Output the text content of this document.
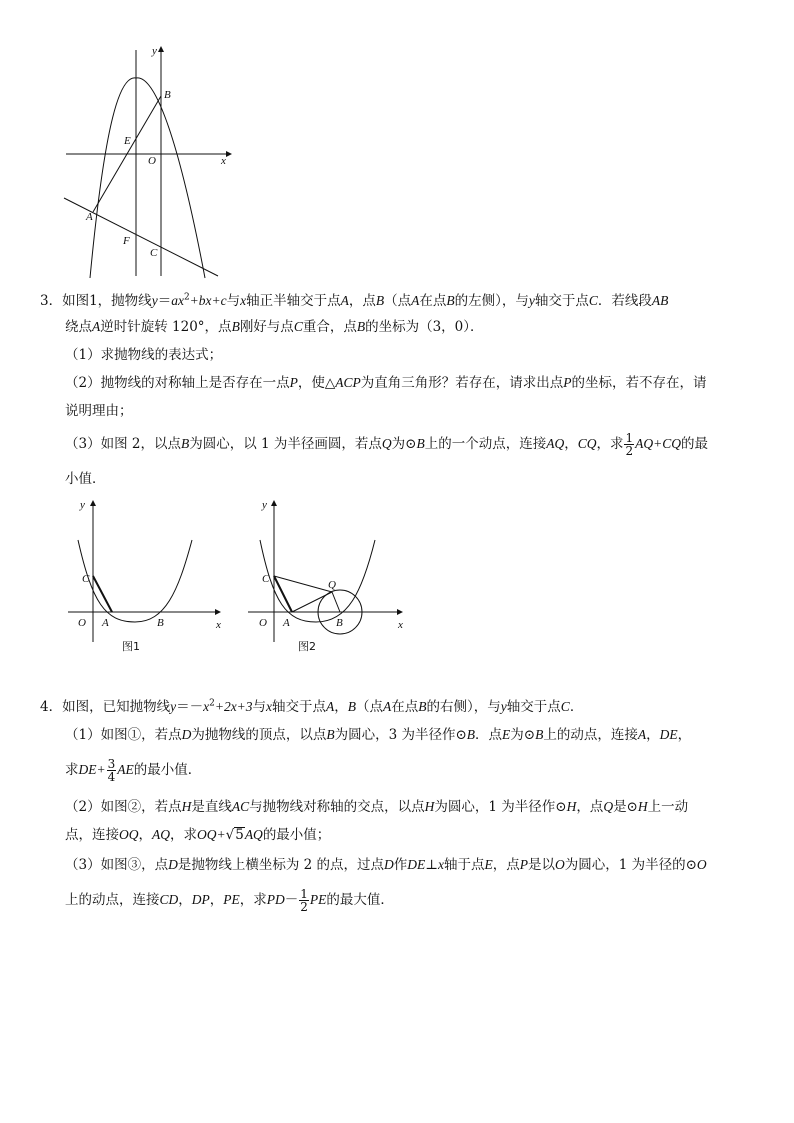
y
x
B
E
O
A
F
C
3．如图1，抛物线$y=ax^2+bx+c$与x轴正半轴交于点A，点B（点A在点B的左侧），与y轴交于点C．若线段AB
绕点A逆时针旋转 120°，点B刚好与点C重合，点B的坐标为（3，0）．
（1）求抛物线的表达式；
（2）抛物线的对称轴上是否存在一点P，使△ACP为直角三角形？若存在，请求出点P的坐标，若不存在，请
说明理由；
（3）如图 2，以点B为圆心，以 1 为半径画圆，若点Q为⊙B上的一个动点，连接AQ，CQ，求 $\frac{1}{2} AQ+CQ$的最
小值．
y
C
O A	B	x
图1
y
C	Q
O A	B	x
图2
4．如图，已知抛物线$y=-x^2+2x+3$与x轴交于点A，B（点A在点B的右侧），与y轴交于点C．
（1）如图①，若点D为抛物线的顶点，以点B为圆心，3 为半径作⊙B．点E为⊙B上的动点，连接A，DE，
求$DE+ \frac{3}{4}$ AE的最小值．
（2）如图②，若点H是直线AC与抛物线对称轴的交点，以点H为圆心，1 为半径作⊙H，点Q是⊙H上一动
点，连接OQ，AQ，求OQ+√5AQ的最小值；
（3）如图③，点D是抛物线上横坐标为 2 的点，过点D作DE⊥x轴于点E，点P是以O为圆心，1 为半径的⊙O
上的动点，连接CD，DP，PE，求$PD- \frac{1}{2}$ PE的最大值．
